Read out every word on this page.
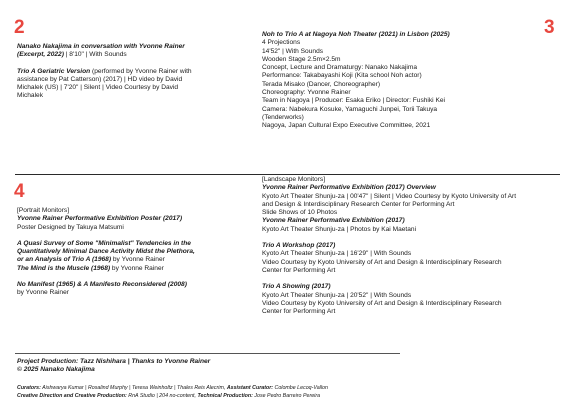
2

Nanako Nakajima in conversation with Yvonne Rainer

(Excerpt, 2022) | 8'10" | With Sounds

Trio A Geriatric Version (performed by Yvonne Rainer with

assistance by Pat Catterson) (2017) | HD video by David

Michalek (US) | 7'20" | Silent | Video Courtesy by David

Michalek

3

Noh to Trio A at Nagoya Noh Theater (2021) in Lisbon (2025)

4 Projections

14'52" | With Sounds

Wooden Stage 2.5m×2.5m

Concept, Lecture and Dramaturgy: Nanako Nakajima

Performance: Takabayashi Koji (Kita school Noh actor)

Terada Misako (Dancer, Choreographer)

Choreography: Yvonne Rainer

Team in Nagoya | Producer: Esaka Eriko | Director: Fushiki Kei

Camera: Nabekura Kosuke, Yamaguchi Junpei, Torii Takuya

(Tenderworks)

Nagoya, Japan Cultural Expo Executive Committee, 2021

4

[Portrait Monitors]

Yvonne Rainer Performative Exhibition Poster (2017)

Poster Designed by Takuya Matsumi

A Quasi Survey of Some "Minimalist" Tendencies in the

Quantitatively Minimal Dance Activity Midst the Plethora,

or an Analysis of Trio A (1968) by Yvonne Rainer

The Mind is the Muscle (1968) by Yvonne Rainer

No Manifest (1965) & A Manifesto Reconsidered (2008)

by Yvonne Rainer

[Landscape Monitors]

Yvonne Rainer Performative Exhibition (2017) Overview

Kyoto Art Theater Shunju-za | 00'47" | Silent | Video Courtesy by Kyoto University of Art

and Design & Interdisciplinary Research Center for Performing Art

Slide Shows of 10 Photos

Yvonne Rainer Performative Exhibition (2017)

Kyoto Art Theater Shunju-za | Photos by Kai Maetani

Trio A Workshop (2017)

Kyoto Art Theater Shunju-za | 16'29" | With Sounds

Video Courtesy by Kyoto University of Art and Design & Interdisciplinary Research

Center for Performing Art

Trio A Showing (2017)

Kyoto Art Theater Shunju-za | 20'52" | With Sounds

Video Courtesy by Kyoto University of Art and Design & Interdisciplinary Research

Center for Performing Art

Project Production: Tazz Nishihara | Thanks to Yvonne Rainer

© 2025 Nanako Nakajima

Curators: Aishwarya Kumar | Rosalind Murphy | Teresa Weinholtz | Thales Reis Alecrim, Assistant Curator: Colombe Lecoq-Vallon

Creative Direction and Creative Production: RnA Studio | 204 no-content, Technical Production: Jose Pedro Barreiro Pereira
